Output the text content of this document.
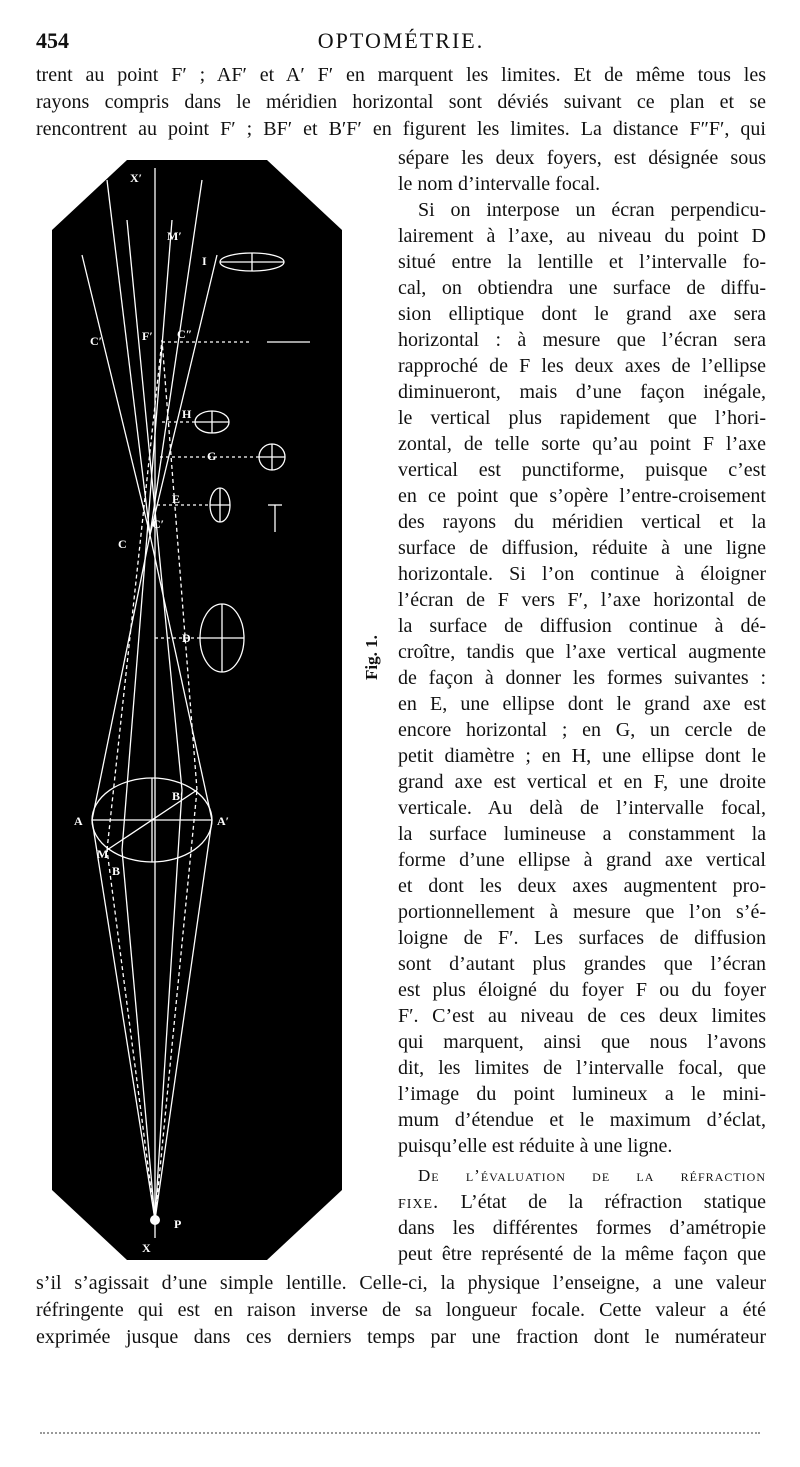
454	OPTOMÉTRIE.
trent au point F′ ; AF′ et A′ F′ en marquent les limites. Et de même tous les
rayons compris dans le méridien horizontal sont déviés suivant ce plan et se
rencontrent au point F′ ; BF′ et B′F′ en figurent les limites. La distance F″F′, qui
X′
M′
I
F′
C′	C″
H
G
E
C′
C
D
A	A′
B
B′
M
X
P
Fig. 1.
sépare les deux foyers, est désignée sous
le nom d’intervalle focal.
Si on interpose un écran perpendicu-
lairement à l’axe, au niveau du point D
situé entre la lentille et l’intervalle fo-
cal, on obtiendra une surface de diffu-
sion elliptique dont le grand axe sera
horizontal : à mesure que l’écran sera
rapproché de F les deux axes de l’ellipse
diminueront, mais d’une façon inégale,
le vertical plus rapidement que l’hori-
zontal, de telle sorte qu’au point F l’axe
vertical est punctiforme, puisque c’est
en ce point que s’opère l’entre-croisement
des rayons du méridien vertical et la
surface de diffusion, réduite à une ligne
horizontale. Si l’on continue à éloigner
l’écran de F vers F′, l’axe horizontal de
la surface de diffusion continue à dé-
croître, tandis que l’axe vertical augmente
de façon à donner les formes suivantes :
en E, une ellipse dont le grand axe est
encore horizontal ; en G, un cercle de
petit diamètre ; en H, une ellipse dont le
grand axe est vertical et en F, une droite
verticale. Au delà de l’intervalle focal,
la surface lumineuse a constamment la
forme d’une ellipse à grand axe vertical
et dont les deux axes augmentent pro-
portionnellement à mesure que l’on s’é-
loigne de F′. Les surfaces de diffusion
sont d’autant plus grandes que l’écran
est plus éloigné du foyer F ou du foyer
F′. C’est au niveau de ces deux limites
qui marquent, ainsi que nous l’avons
dit, les limites de l’intervalle focal, que
l’image du point lumineux a le mini-
mum d’étendue et le maximum d’éclat,
puisqu’elle est réduite à une ligne.
De l’évaluation de la réfraction
fixe. L’état de la réfraction statique
dans les différentes formes d’amétropie
peut être représenté de la même façon que
s’il s’agissait d’une simple lentille. Celle-ci, la physique l’enseigne, a une valeur
réfringente qui est en raison inverse de sa longueur focale. Cette valeur a été
exprimée jusque dans ces derniers temps par une fraction dont le numérateur
